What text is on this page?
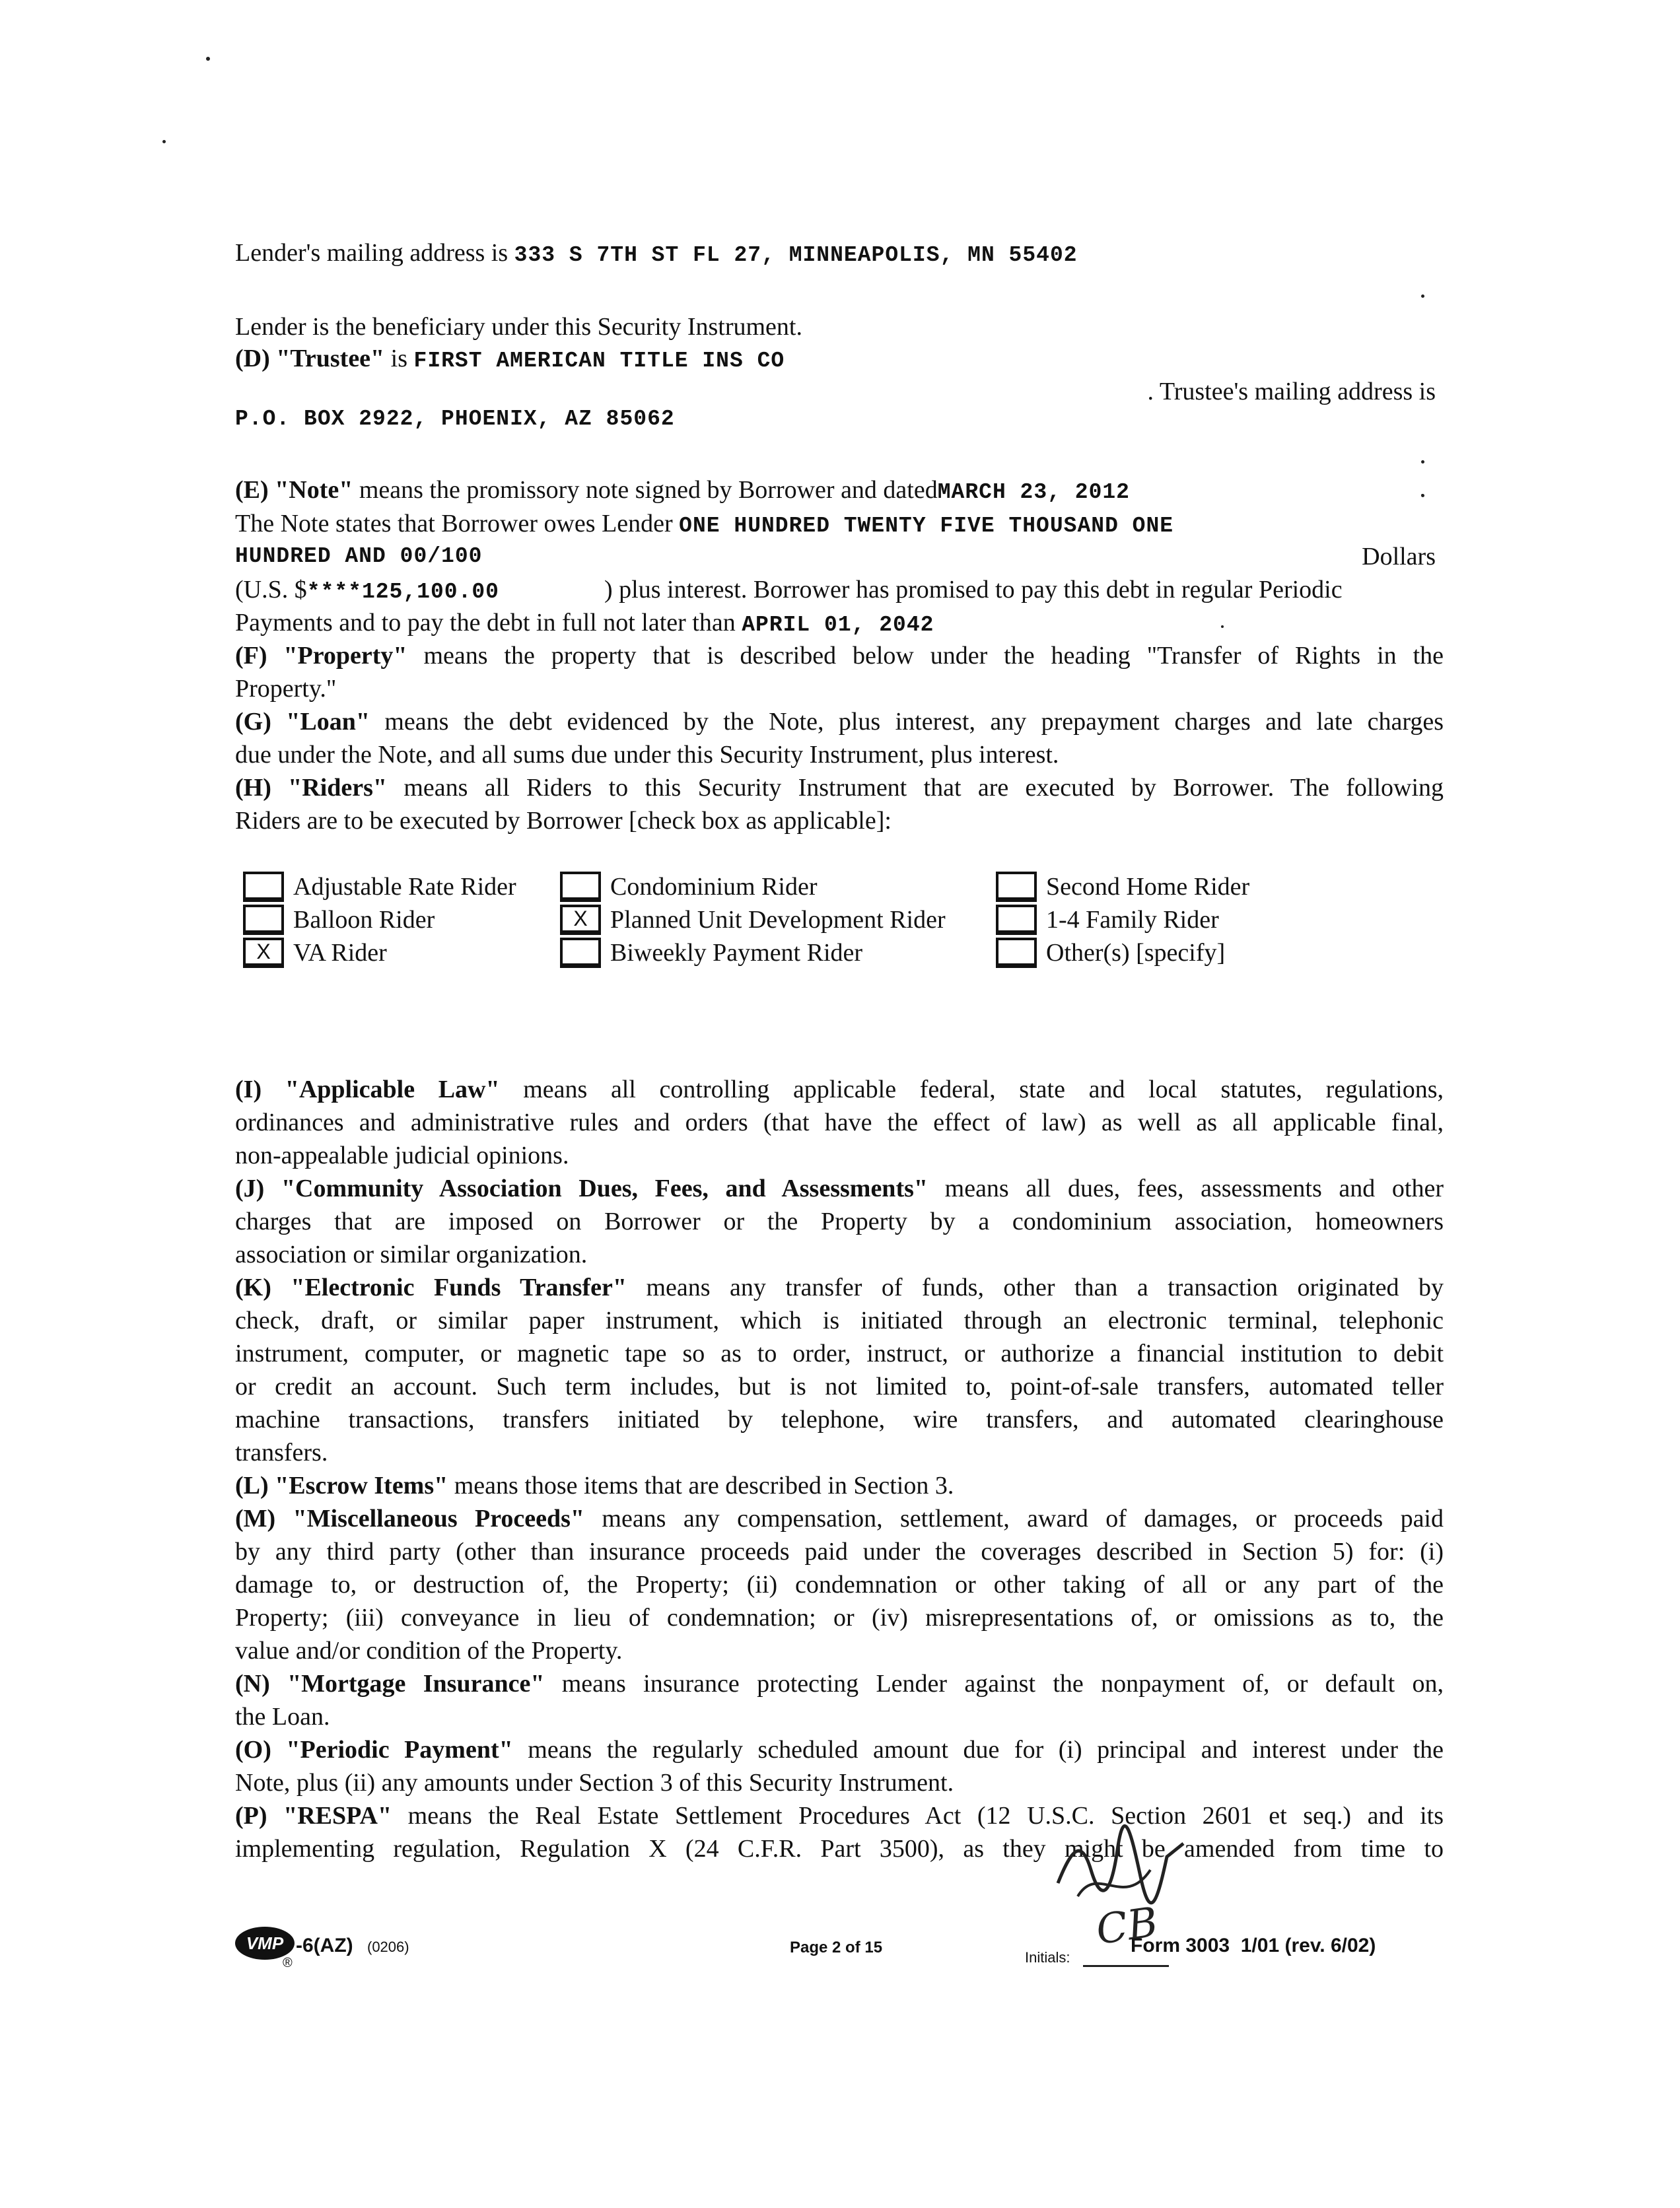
Lender's mailing address is 333 S 7TH ST FL 27, MINNEAPOLIS, MN 55402
Lender is the beneficiary under this Security Instrument.
(D) "Trustee" is FIRST AMERICAN TITLE INS CO
. Trustee's mailing address is
P.O. BOX 2922, PHOENIX, AZ 85062
(E) "Note" means the promissory note signed by Borrower and datedMARCH 23, 2012
The Note states that Borrower owes Lender ONE HUNDRED TWENTY FIVE THOUSAND ONE
HUNDRED AND 00/100	Dollars
(U.S. $****125,100.00	) plus interest. Borrower has promised to pay this debt in regular Periodic
Payments and to pay the debt in full not later than APRIL 01, 2042
(F) "Property" means the property that is described below under the heading "Transfer of Rights in the
Property."
(G) "Loan" means the debt evidenced by the Note, plus interest, any prepayment charges and late charges
due under the Note, and all sums due under this Security Instrument, plus interest.
(H) "Riders" means all Riders to this Security Instrument that are executed by Borrower. The following
Riders are to be executed by Borrower [check box as applicable]:
Adjustable Rate Rider	Condominium Rider	Second Home Rider
Balloon Rider	X Planned Unit Development Rider	1-4 Family Rider
X VA Rider	Biweekly Payment Rider	Other(s) [specify]
(I) "Applicable Law" means all controlling applicable federal, state and local statutes, regulations,
ordinances and administrative rules and orders (that have the effect of law) as well as all applicable final,
non-appealable judicial opinions.
(J) "Community Association Dues, Fees, and Assessments" means all dues, fees, assessments and other
charges that are imposed on Borrower or the Property by a condominium association, homeowners
association or similar organization.
(K) "Electronic Funds Transfer" means any transfer of funds, other than a transaction originated by
check, draft, or similar paper instrument, which is initiated through an electronic terminal, telephonic
instrument, computer, or magnetic tape so as to order, instruct, or authorize a financial institution to debit
or credit an account. Such term includes, but is not limited to, point-of-sale transfers, automated teller
machine transactions, transfers initiated by telephone, wire transfers, and automated clearinghouse
transfers.
(L) "Escrow Items" means those items that are described in Section 3.
(M) "Miscellaneous Proceeds" means any compensation, settlement, award of damages, or proceeds paid
by any third party (other than insurance proceeds paid under the coverages described in Section 5) for: (i)
damage to, or destruction of, the Property; (ii) condemnation or other taking of all or any part of the
Property; (iii) conveyance in lieu of condemnation; or (iv) misrepresentations of, or omissions as to, the
value and/or condition of the Property.
(N) "Mortgage Insurance" means insurance protecting Lender against the nonpayment of, or default on,
the Loan.
(O) "Periodic Payment" means the regularly scheduled amount due for (i) principal and interest under the
Note, plus (ii) any amounts under Section 3 of this Security Instrument.
(P) "RESPA" means the Real Estate Settlement Procedures Act (12 U.S.C. Section 2601 et seq.) and its
implementing regulation, Regulation X (24 C.F.R. Part 3500), as they might be amended from time to
VMP
®
-6(AZ) (0206)	Page 2 of 15
Initials:
CB
Form 3003  1/01 (rev. 6/02)
